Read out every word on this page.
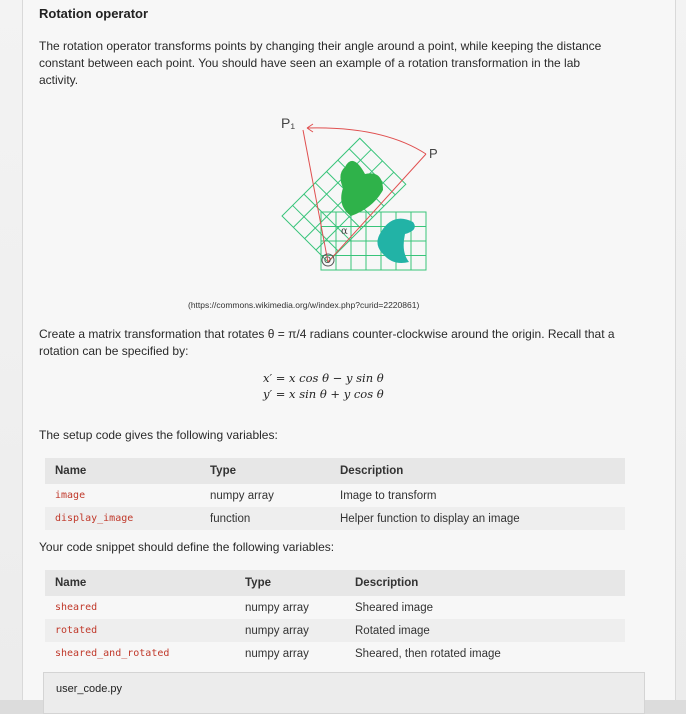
Rotation operator
The rotation operator transforms points by changing their angle around a point, while keeping the distance constant between each point. You should have seen an example of a rotation transformation in the lab activity.
P₁
P
α
O
(https://commons.wikimedia.org/w/index.php?curid=2220861)
Create a matrix transformation that rotates θ = π/4 radians counter-clockwise around the origin. Recall that a rotation can be specified by:
x′ = x cos θ − y sin θ
y′ = x sin θ + y cos θ
The setup code gives the following variables:
Name	Type	Description
image	numpy array	Image to transform
display_image	function	Helper function to display an image
Your code snippet should define the following variables:
Name	Type	Description
sheared	numpy array	Sheared image
rotated	numpy array	Rotated image
sheared_and_rotated	numpy array	Sheared, then rotated image
user_code.py
